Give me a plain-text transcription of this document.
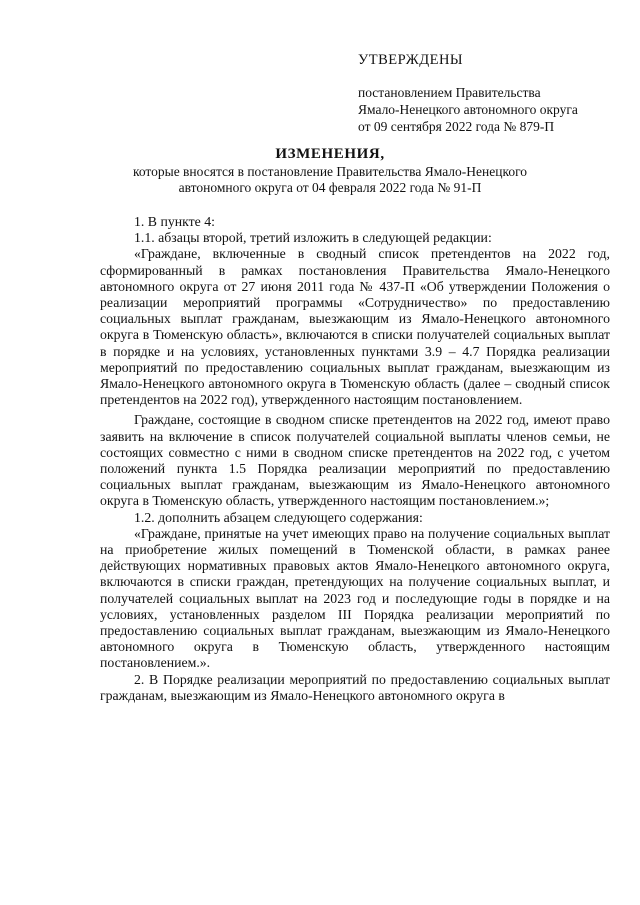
УТВЕРЖДЕНЫ
постановлением Правительства
Ямало-Ненецкого автономного округа
от 09 сентября 2022 года № 879-П
ИЗМЕНЕНИЯ,
которые вносятся в постановление Правительства Ямало-Ненецкого
автономного округа от 04 февраля 2022 года № 91-П

1. В пункте 4:

1.1. абзацы второй, третий изложить в следующей редакции:

«Граждане, включенные в сводный список претендентов на 2022 год, сформированный в рамках постановления Правительства Ямало-Ненецкого автономного округа от 27 июня 2011 года № 437-П «Об утверждении Положения о реализации мероприятий программы «Сотрудничество» по предоставлению социальных выплат гражданам, выезжающим из Ямало-Ненецкого автономного округа в Тюменскую область», включаются в списки получателей социальных выплат в порядке и на условиях, установленных пунктами 3.9 – 4.7 Порядка реализации мероприятий по предоставлению социальных выплат гражданам, выезжающим из Ямало-Ненецкого автономного округа в Тюменскую область (далее – сводный список претендентов на 2022 год), утвержденного настоящим постановлением.

Граждане, состоящие в сводном списке претендентов на 2022 год, имеют право заявить на включение в список получателей социальной выплаты членов семьи, не состоящих совместно с ними в сводном списке претендентов на 2022 год, с учетом положений пункта 1.5 Порядка реализации мероприятий по предоставлению социальных выплат гражданам, выезжающим из Ямало-Ненецкого автономного округа в Тюменскую область, утвержденного настоящим постановлением.»;

1.2. дополнить абзацем следующего содержания:

«Граждане, принятые на учет имеющих право на получение социальных выплат на приобретение жилых помещений в Тюменской области, в рамках ранее действующих нормативных правовых актов Ямало-Ненецкого автономного округа, включаются в списки граждан, претендующих на получение социальных выплат, и получателей социальных выплат на 2023 год и последующие годы в порядке и на условиях, установленных разделом III Порядка реализации мероприятий по предоставлению социальных выплат гражданам, выезжающим из Ямало-Ненецкого автономного округа в Тюменскую область, утвержденного настоящим постановлением.».

2. В Порядке реализации мероприятий по предоставлению социальных выплат гражданам, выезжающим из Ямало-Ненецкого автономного округа в
